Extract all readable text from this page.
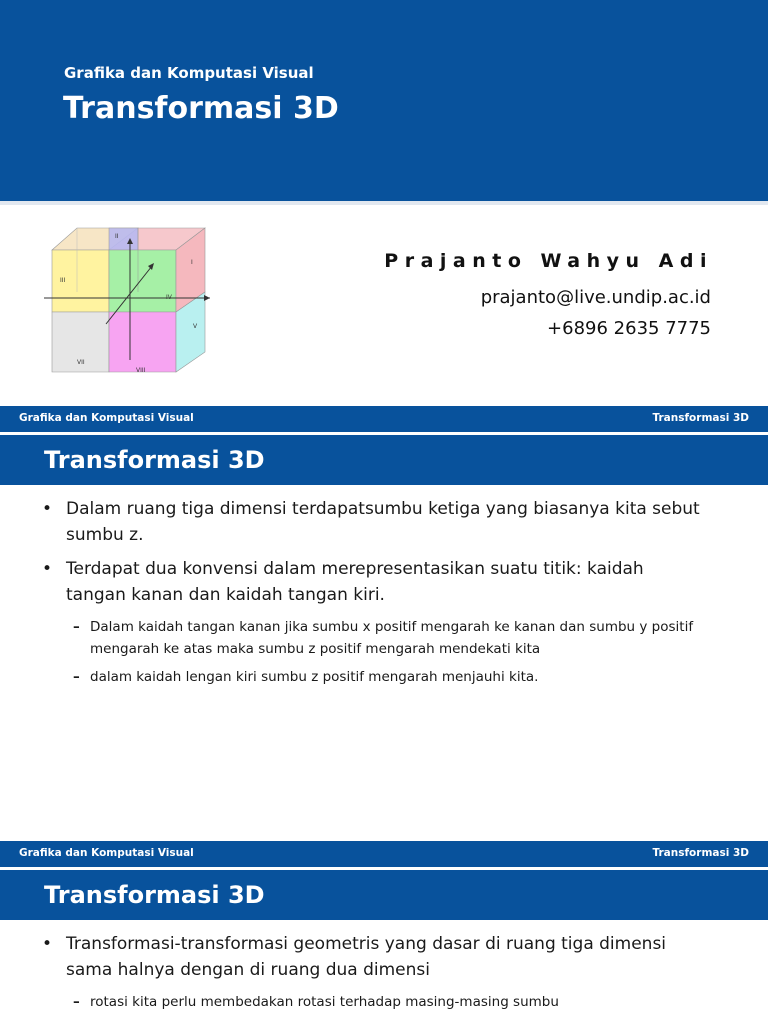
Grafika dan Komputasi Visual
Transformasi 3D
II
I
III
IV
V
VII
VIII
Prajanto Wahyu Adi
prajanto@live.undip.ac.id
+6896 2635 7775
Grafika dan Komputasi Visual	Transformasi 3D
Transformasi 3D
• Dalam ruang tiga dimensi terdapatsumbu ketiga yang biasanya kita sebut sumbu z.
• Terdapat dua konvensi dalam merepresentasikan suatu titik: kaidah tangan kanan dan kaidah tangan kiri.
– Dalam kaidah tangan kanan jika sumbu x positif mengarah ke kanan dan sumbu y positif mengarah ke atas maka sumbu z positif mengarah mendekati kita
– dalam kaidah lengan kiri sumbu z positif mengarah menjauhi kita.
Grafika dan Komputasi Visual	Transformasi 3D
Transformasi 3D
• Transformasi-transformasi geometris yang dasar di ruang tiga dimensi sama halnya dengan di ruang dua dimensi
– rotasi kita perlu membedakan rotasi terhadap masing-masing sumbu
